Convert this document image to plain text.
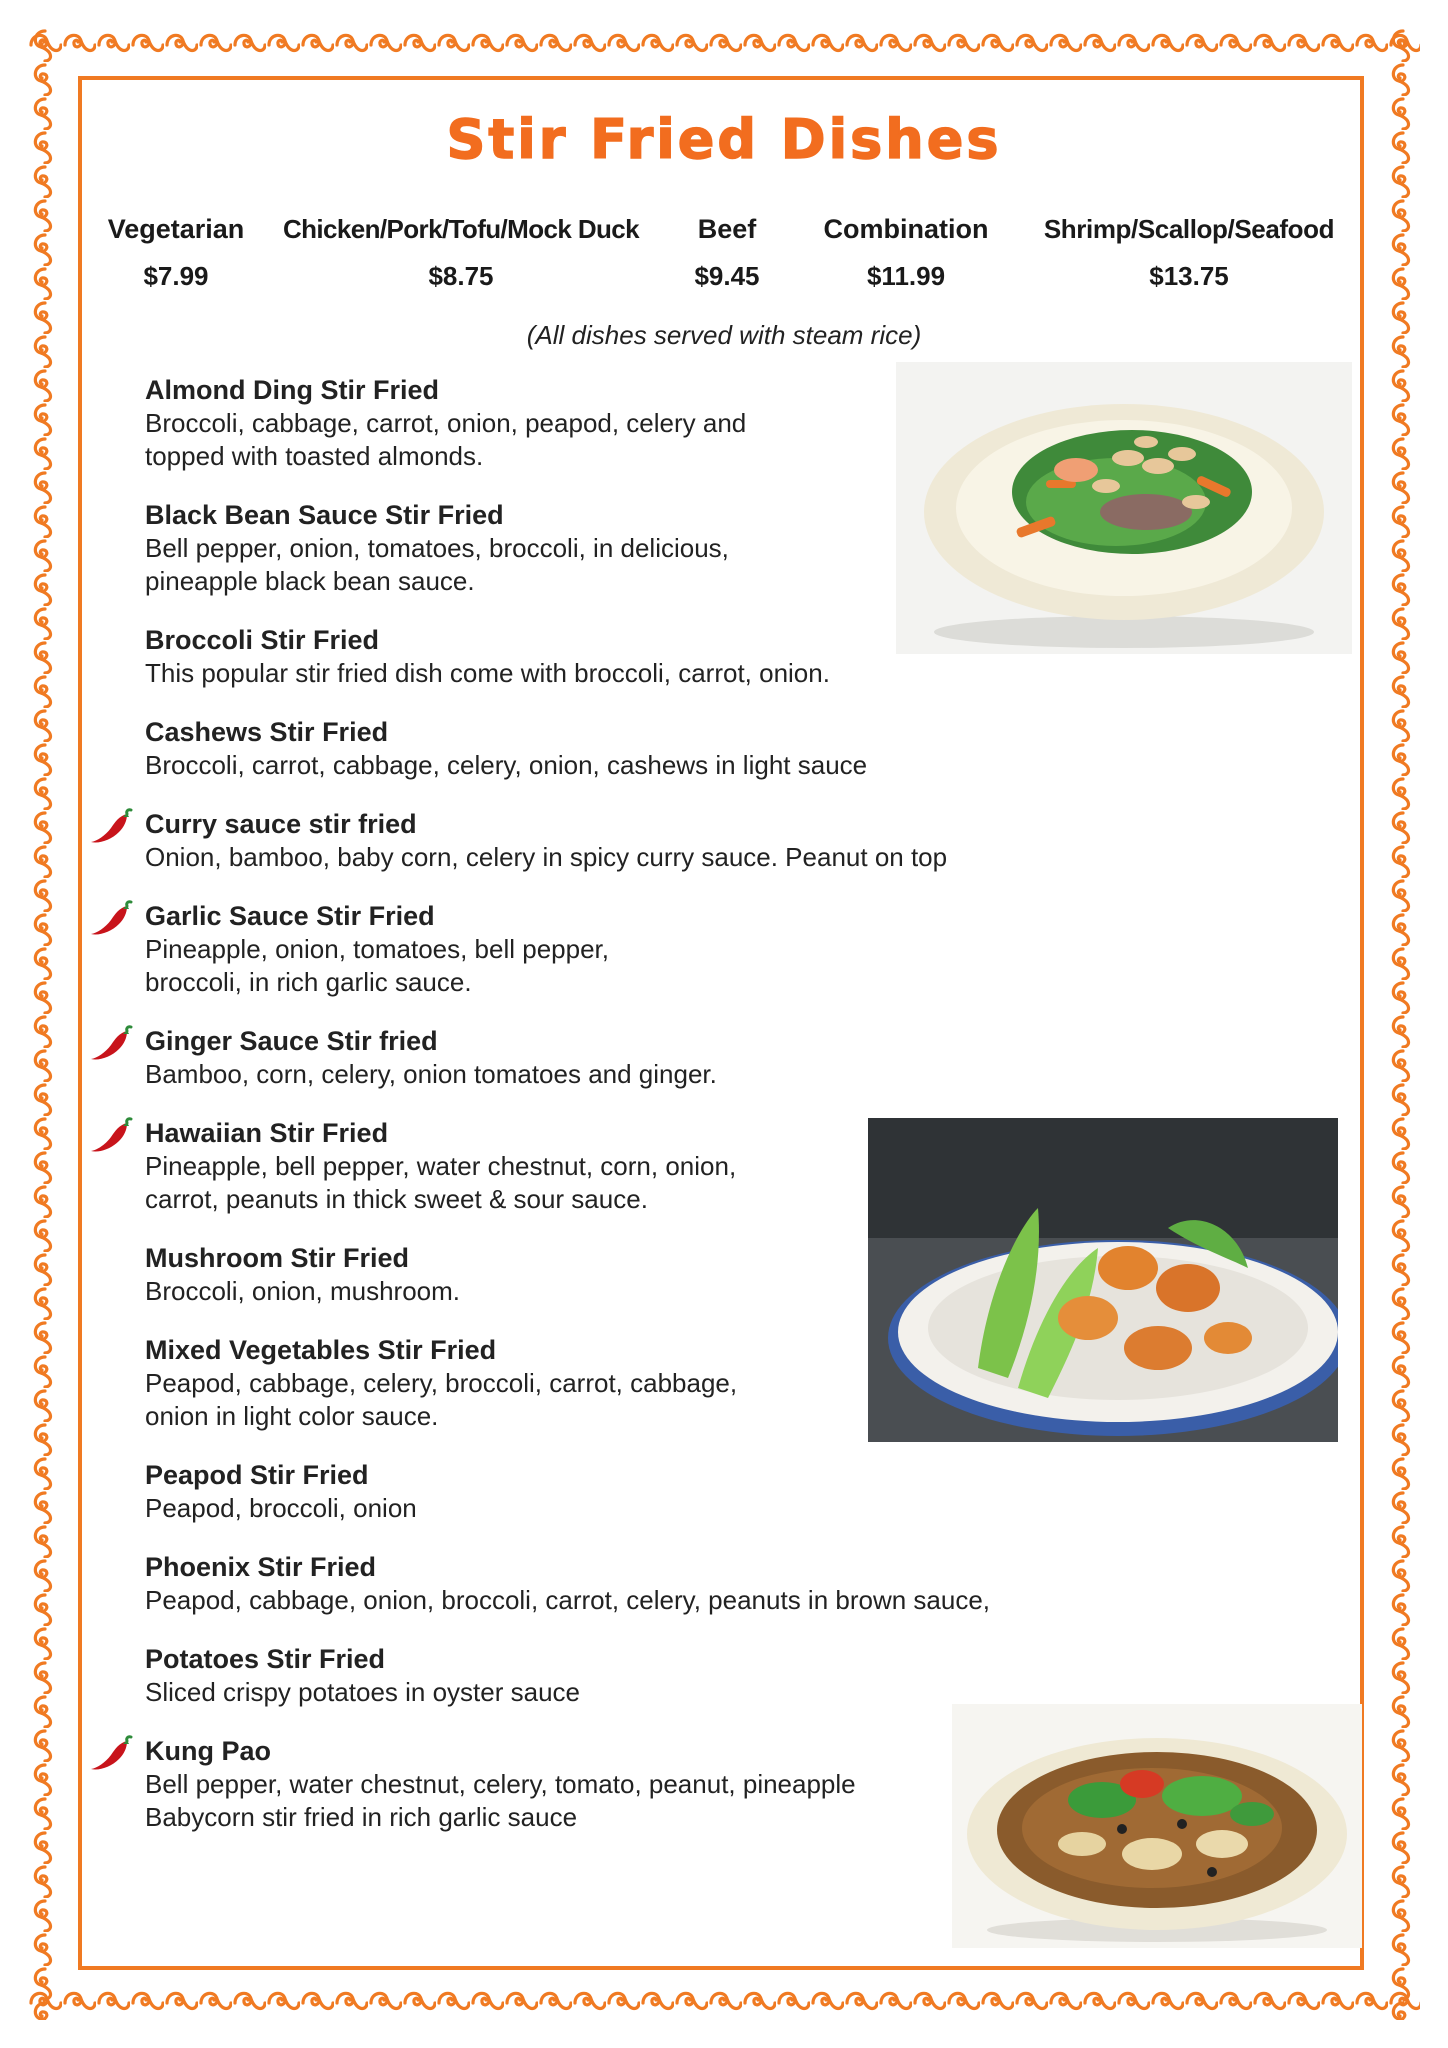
Stir Fried Dishes
Vegetarian
$7.99
Chicken/Pork/Tofu/Mock Duck
$8.75
Beef
$9.45
Combination
$11.99
Shrimp/Scallop/Seafood
$13.75
(All dishes served with steam rice)
Almond Ding Stir Fried
Broccoli, cabbage, carrot, onion, peapod, celery and
topped with toasted almonds.
Black Bean Sauce Stir Fried
Bell pepper, onion, tomatoes, broccoli, in delicious,
pineapple black bean sauce.
Broccoli Stir Fried
This popular stir fried dish come with broccoli, carrot, onion.
Cashews Stir Fried
Broccoli, carrot, cabbage, celery, onion, cashews in light sauce
Curry sauce stir fried
Onion, bamboo, baby corn, celery in spicy curry sauce. Peanut on top
Garlic Sauce Stir Fried
Pineapple, onion, tomatoes, bell pepper,
broccoli, in rich garlic sauce.
Ginger Sauce Stir fried
Bamboo, corn, celery, onion tomatoes and ginger.
Hawaiian Stir Fried
Pineapple, bell pepper, water chestnut, corn, onion,
carrot, peanuts in thick sweet & sour sauce.
Mushroom Stir Fried
Broccoli, onion, mushroom.
Mixed Vegetables Stir Fried
Peapod, cabbage, celery, broccoli, carrot, cabbage,
onion in light color sauce.
Peapod Stir Fried
Peapod, broccoli, onion
Phoenix Stir Fried
Peapod, cabbage, onion, broccoli, carrot, celery, peanuts in brown sauce,
Potatoes Stir Fried
Sliced crispy potatoes in oyster sauce
Kung Pao
Bell pepper, water chestnut, celery, tomato, peanut, pineapple
Babycorn stir fried in rich garlic sauce
